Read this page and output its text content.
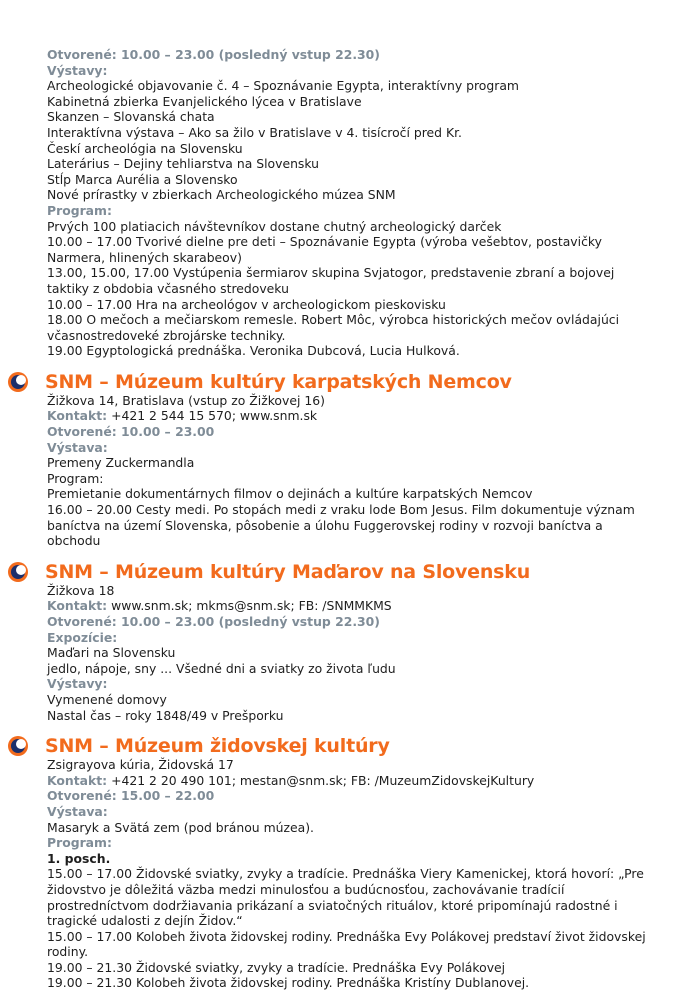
Otvorené: 10.00 – 23.00 (posledný vstup 22.30)
Výstavy:
Archeologické objavovanie č. 4 – Spoznávanie Egypta, interaktívny program
Kabinetná zbierka Evanjelického lýcea v Bratislave
Skanzen – Slovanská chata
Interaktívna výstava – Ako sa žilo v Bratislave v 4. tisícročí pred Kr.
Českí archeológia na Slovensku
Laterárius – Dejiny tehliarstva na Slovensku
Stĺp Marca Aurélia a Slovensko
Nové prírastky v zbierkach Archeologického múzea SNM
Program:
Prvých 100 platiacich návštevníkov dostane chutný archeologický darček
10.00 – 17.00 Tvorivé dielne pre deti – Spoznávanie Egypta (výroba vešebtov, postavičky Narmera, hlinených skarabeov)
13.00, 15.00, 17.00 Vystúpenia šermiarov skupina Svjatogor, predstavenie zbraní a bojovej taktiky z obdobia včasného stredoveku
10.00 – 17.00 Hra na archeológov v archeologickom pieskovisku
18.00 O mečoch a mečiarskom remesle. Robert Môc, výrobca historických mečov ovládajúci včasnostredoveké zbrojárske techniky.
19.00 Egyptologická prednáška. Veronika Dubcová, Lucia Hulková.
SNM – Múzeum kultúry karpatských Nemcov
Žižkova 14, Bratislava (vstup zo Žižkovej 16)
Kontakt: +421 2 544 15 570; www.snm.sk
Otvorené: 10.00 – 23.00
Výstava:
Premeny Zuckermandla
Program:
Premietanie dokumentárnych filmov o dejinách a kultúre karpatských Nemcov
16.00 – 20.00 Cesty medi. Po stopách medi z vraku lode Bom Jesus. Film dokumentuje význam baníctva na území Slovenska, pôsobenie a úlohu Fuggerovskej rodiny v rozvoji baníctva a obchodu
SNM – Múzeum kultúry Maďarov na Slovensku
Žižkova 18
Kontakt: www.snm.sk; mkms@snm.sk; FB: /SNMMKMS
Otvorené: 10.00 – 23.00 (posledný vstup 22.30)
Expozície:
Maďari na Slovensku
jedlo, nápoje, sny ... Všedné dni a sviatky zo života ľudu
Výstavy:
Vymenené domovy
Nastal čas – roky 1848/49 v Prešporku
SNM – Múzeum židovskej kultúry
Zsigrayova kúria, Židovská 17
Kontakt: +421 2 20 490 101; mestan@snm.sk; FB: /MuzeumZidovskejKultury
Otvorené: 15.00 – 22.00
Výstava:
Masaryk a Svätá zem (pod bránou múzea).
Program:
1. posch.
15.00 – 17.00 Židovské sviatky, zvyky a tradície. Prednáška Viery Kamenickej, ktorá hovorí: „Pre židovstvo je dôležitá väzba medzi minulosťou a budúcnosťou, zachovávanie tradícií prostredníctvom dodržiavania prikázaní a sviatočných rituálov, ktoré pripomínajú radostné i tragické udalosti z dejín Židov.“
15.00 – 17.00 Kolobeh života židovskej rodiny. Prednáška Evy Polákovej predstaví život židovskej rodiny.
19.00 – 21.30 Židovské sviatky, zvyky a tradície. Prednáška Evy Polákovej
19.00 – 21.30 Kolobeh života židovskej rodiny. Prednáška Kristíny Dublanovej.
